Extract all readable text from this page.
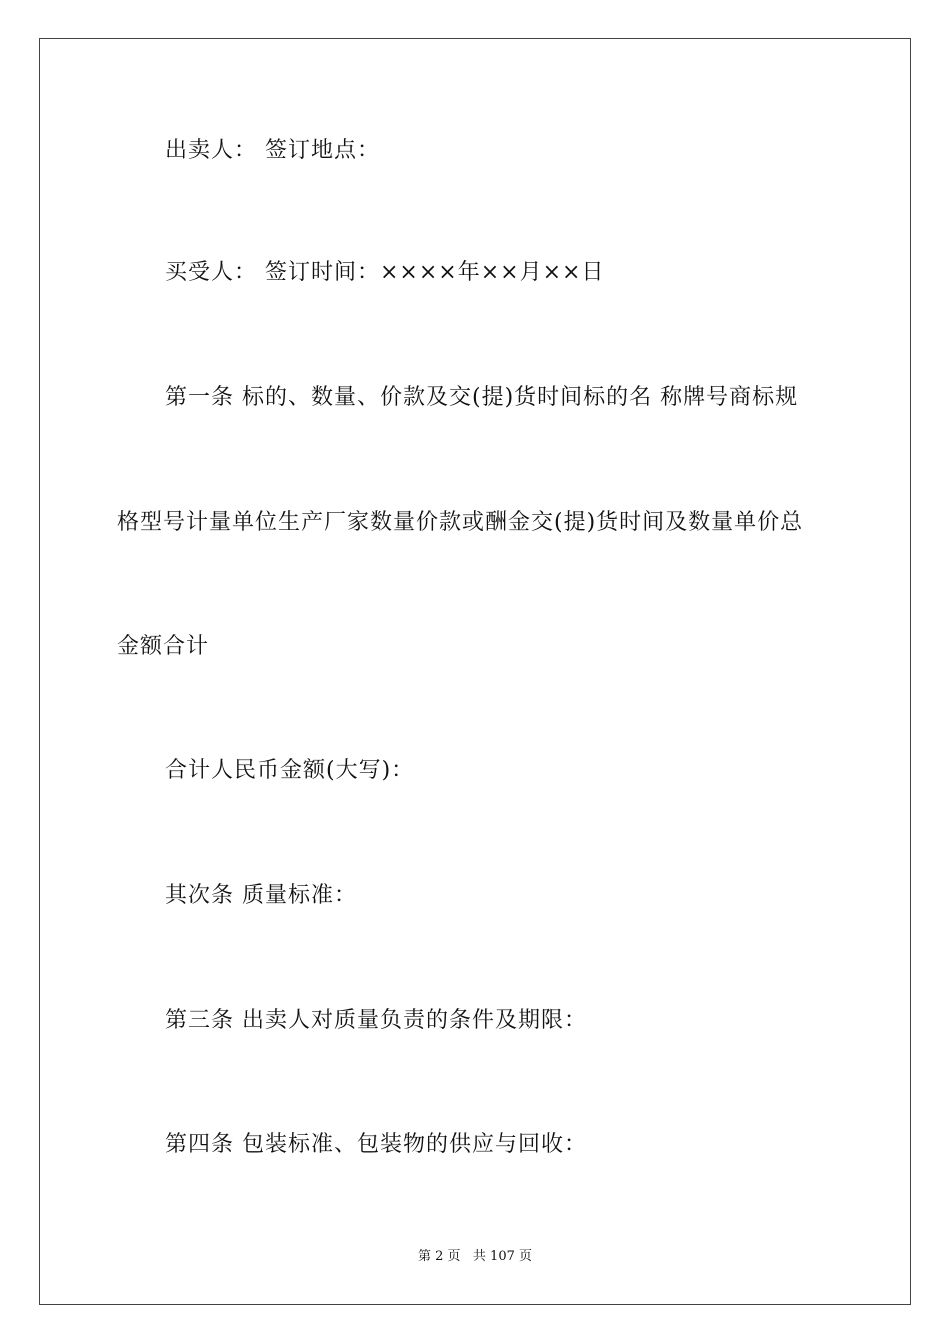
出卖人： 签订地点：
买受人： 签订时间：××××年××月××日
第一条 标的、数量、价款及交(提)货时间标的名 称牌号商标规
格型号计量单位生产厂家数量价款或酬金交(提)货时间及数量单价总
金额合计
合计人民币金额(大写)：
其次条 质量标准：
第三条 出卖人对质量负责的条件及期限：
第四条 包装标准、包装物的供应与回收：
第 2 页   共 107 页
